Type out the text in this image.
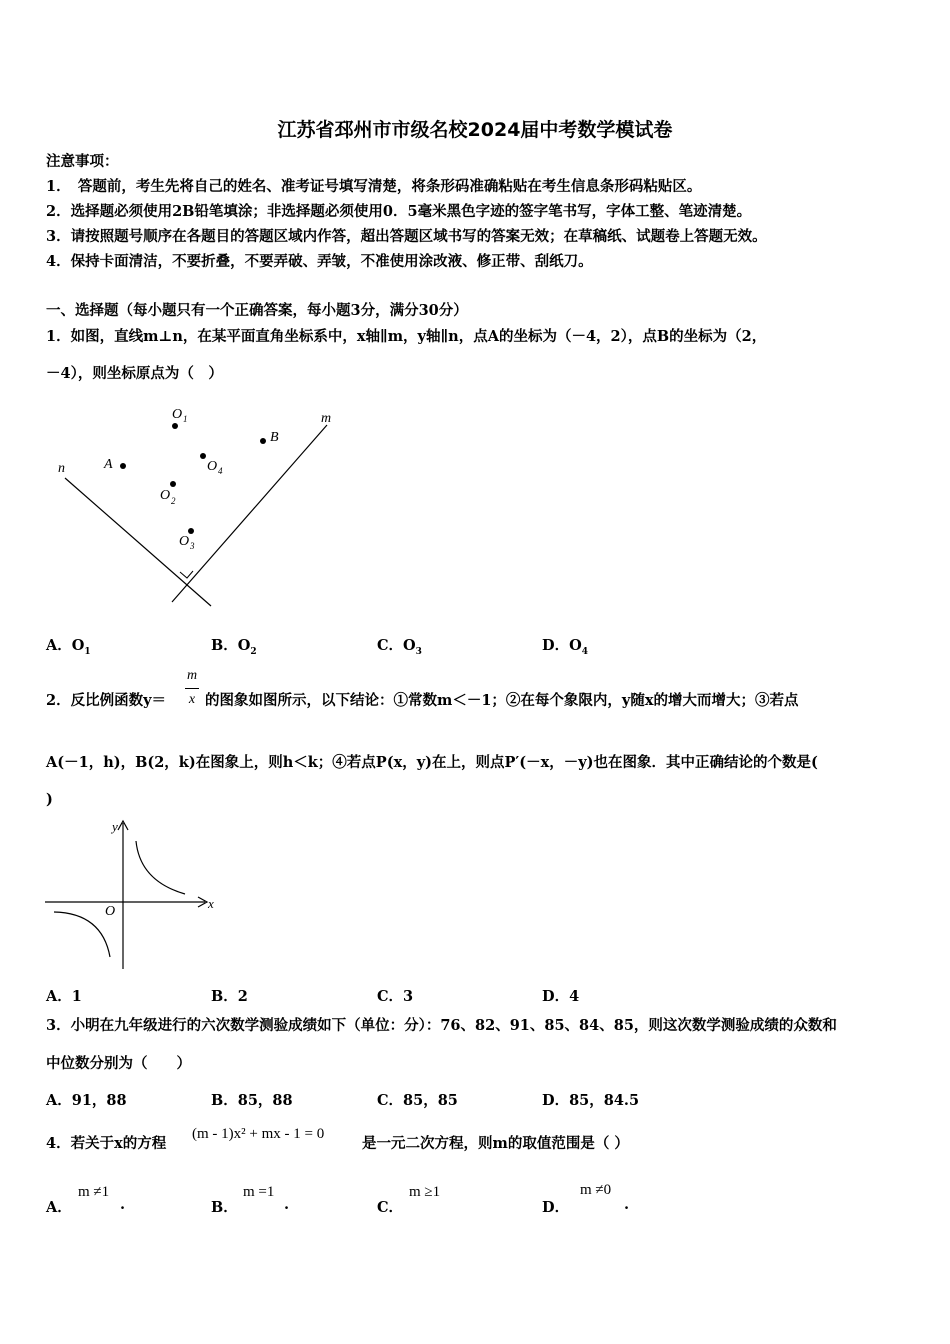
江苏省邳州市市级名校2024届中考数学模试卷
注意事项：
1．　答题前，考生先将自己的姓名、准考证号填写清楚，将条形码准确粘贴在考生信息条形码粘贴区。
2．选择题必须使用2B铅笔填涂；非选择题必须使用0．5毫米黑色字迹的签字笔书写，字体工整、笔迹清楚。
3．请按照题号顺序在各题目的答题区域内作答，超出答题区域书写的答案无效；在草稿纸、试题卷上答题无效。
4．保持卡面清洁，不要折叠，不要弄破、弄皱，不准使用涂改液、修正带、刮纸刀。
一、选择题（每小题只有一个正确答案，每小题3分，满分30分）
1．如图，直线m⊥n，在某平面直角坐标系中，x轴∥m，y轴∥n，点A的坐标为（－4，2），点B的坐标为（2，
－4），则坐标原点为（　）
n
m
A
B
O 1
O 4
O 2
O 3
A．$O_1$	B．$O_2$	C．$O_3$	D．$O_4$
2．反比例函数y＝
m
x 的图象如图所示，以下结论：①常数m＜－1；②在每个象限内，y随x的增大而增大；③若点
A(－1，h)，B(2，k)在图象上，则h＜k；④若点P(x，y)在上，则点P′(－x，－y)也在图象．其中正确结论的个数是(
)
y
x
O
A．1	B．2	C．3	D．4
3．小明在九年级进行的六次数学测验成绩如下（单位：分）：76、82、91、85、84、85，则这次数学测验成绩的众数和
中位数分别为（　　）
A．91，88	B．85，88	C．85，85	D．85，84.5
4．若关于x的方程
(m - 1)x² + mx - 1 = 0
是一元二次方程，则m的取值范围是（ ）
A．
m ≠1
.	B．
m =1
.	C．
m ≥1
D．
m ≠0
.
